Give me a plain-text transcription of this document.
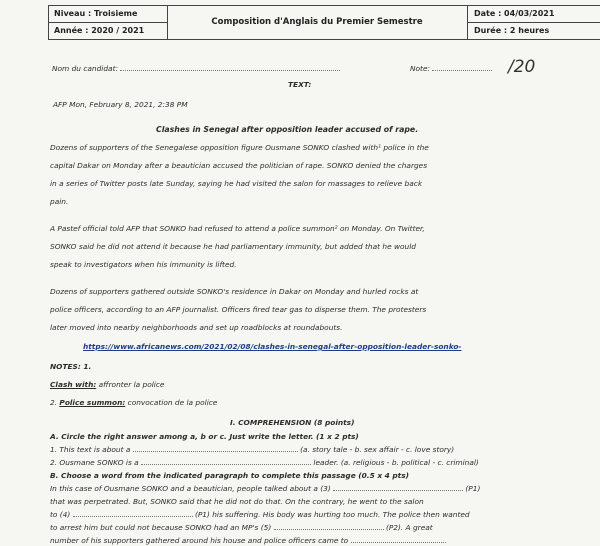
Niveau : Troisieme
Année : 2020 / 2021
Composition d'Anglais du Premier Semestre
Date : 04/03/2021
Durée : 2 heures
Nom du candidat:	Note:	/20
TEXT:
AFP Mon, February 8, 2021, 2:38 PM
Clashes in Senegal after opposition leader accused of rape.
Dozens of supporters of the Senegalese opposition figure Ousmane SONKO clashed with¹ police in the
capital Dakar on Monday after a beautician accused the politician of rape. SONKO denied the charges
in a series of Twitter posts late Sunday, saying he had visited the salon for massages to relieve back
pain.
A Pastef official told AFP that SONKO had refused to attend a police summon² on Monday. On Twitter,
SONKO said he did not attend it because he had parliamentary immunity, but added that he would
speak to investigators when his immunity is lifted.
Dozens of supporters gathered outside SONKO's residence in Dakar on Monday and hurled rocks at
police officers, according to an AFP journalist. Officers fired tear gas to disperse them. The protesters
later moved into nearby neighborhoods and set up roadblocks at roundabouts.
https://www.africanews.com/2021/02/08/clashes-in-senegal-after-opposition-leader-sonko-
NOTES: 1.
Clash with: affronter la police
2. Police summon: convocation de la police
I. COMPREHENSION (8 points)
A. Circle the right answer among a, b or c. Just write the letter. (1 x 2 pts)
1. This text is about a	(a. story tale - b. sex affair - c. love story)
2. Ousmane SONKO is a	leader. (a. religious - b. political - c. criminal)
B. Choose a word from the indicated paragraph to complete this passage (0.5 x 4 pts)
In this case of Ousmane SONKO and a beautician, people talked about a (3)	(P1)
that was perpetrated. But, SONKO said that he did not do that. On the contrary, he went to the salon
to (4)	(P1) his suffering. His body was hurting too much. The police then wanted
to arrest him but could not because SONKO had an MP's (5)	(P2). A great
number of his supporters gathered around his house and police officers came to
